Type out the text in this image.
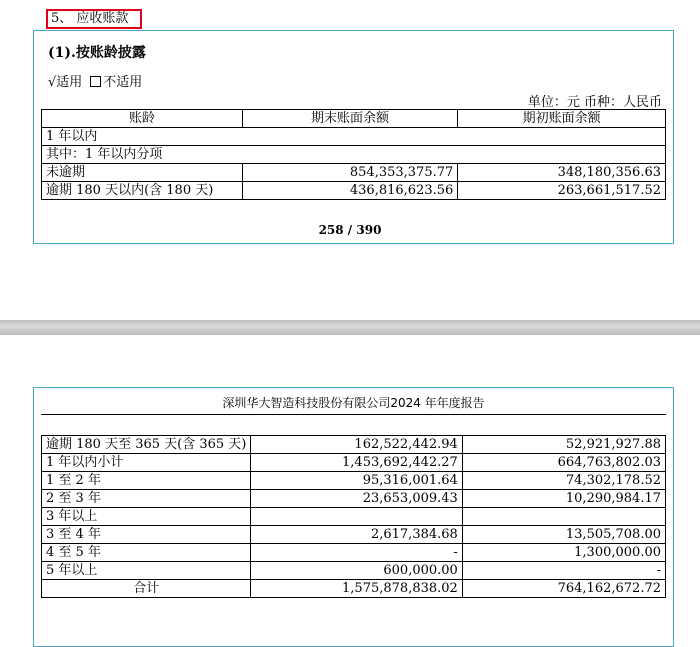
5、 应收账款
(1).按账龄披露
√适用 不适用
单位：元 币种：人民币
账龄	期末账面余额	期初账面余额
1 年以内		
其中：1 年以内分项		
未逾期	854,353,375.77	348,180,356.63
逾期 180 天以内(含 180 天)	436,816,623.56	263,661,517.52
258 / 390
深圳华大智造科技股份有限公司2024 年年度报告
逾期 180 天至 365 天(含 365 天)	162,522,442.94	52,921,927.88
1 年以内小计	1,453,692,442.27	664,763,802.03
1 至 2 年	95,316,001.64	74,302,178.52
2 至 3 年	23,653,009.43	10,290,984.17
3 年以上		
3 至 4 年	2,617,384.68	13,505,708.00
4 至 5 年	-	1,300,000.00
5 年以上	600,000.00	-
合计	1,575,878,838.02	764,162,672.72
